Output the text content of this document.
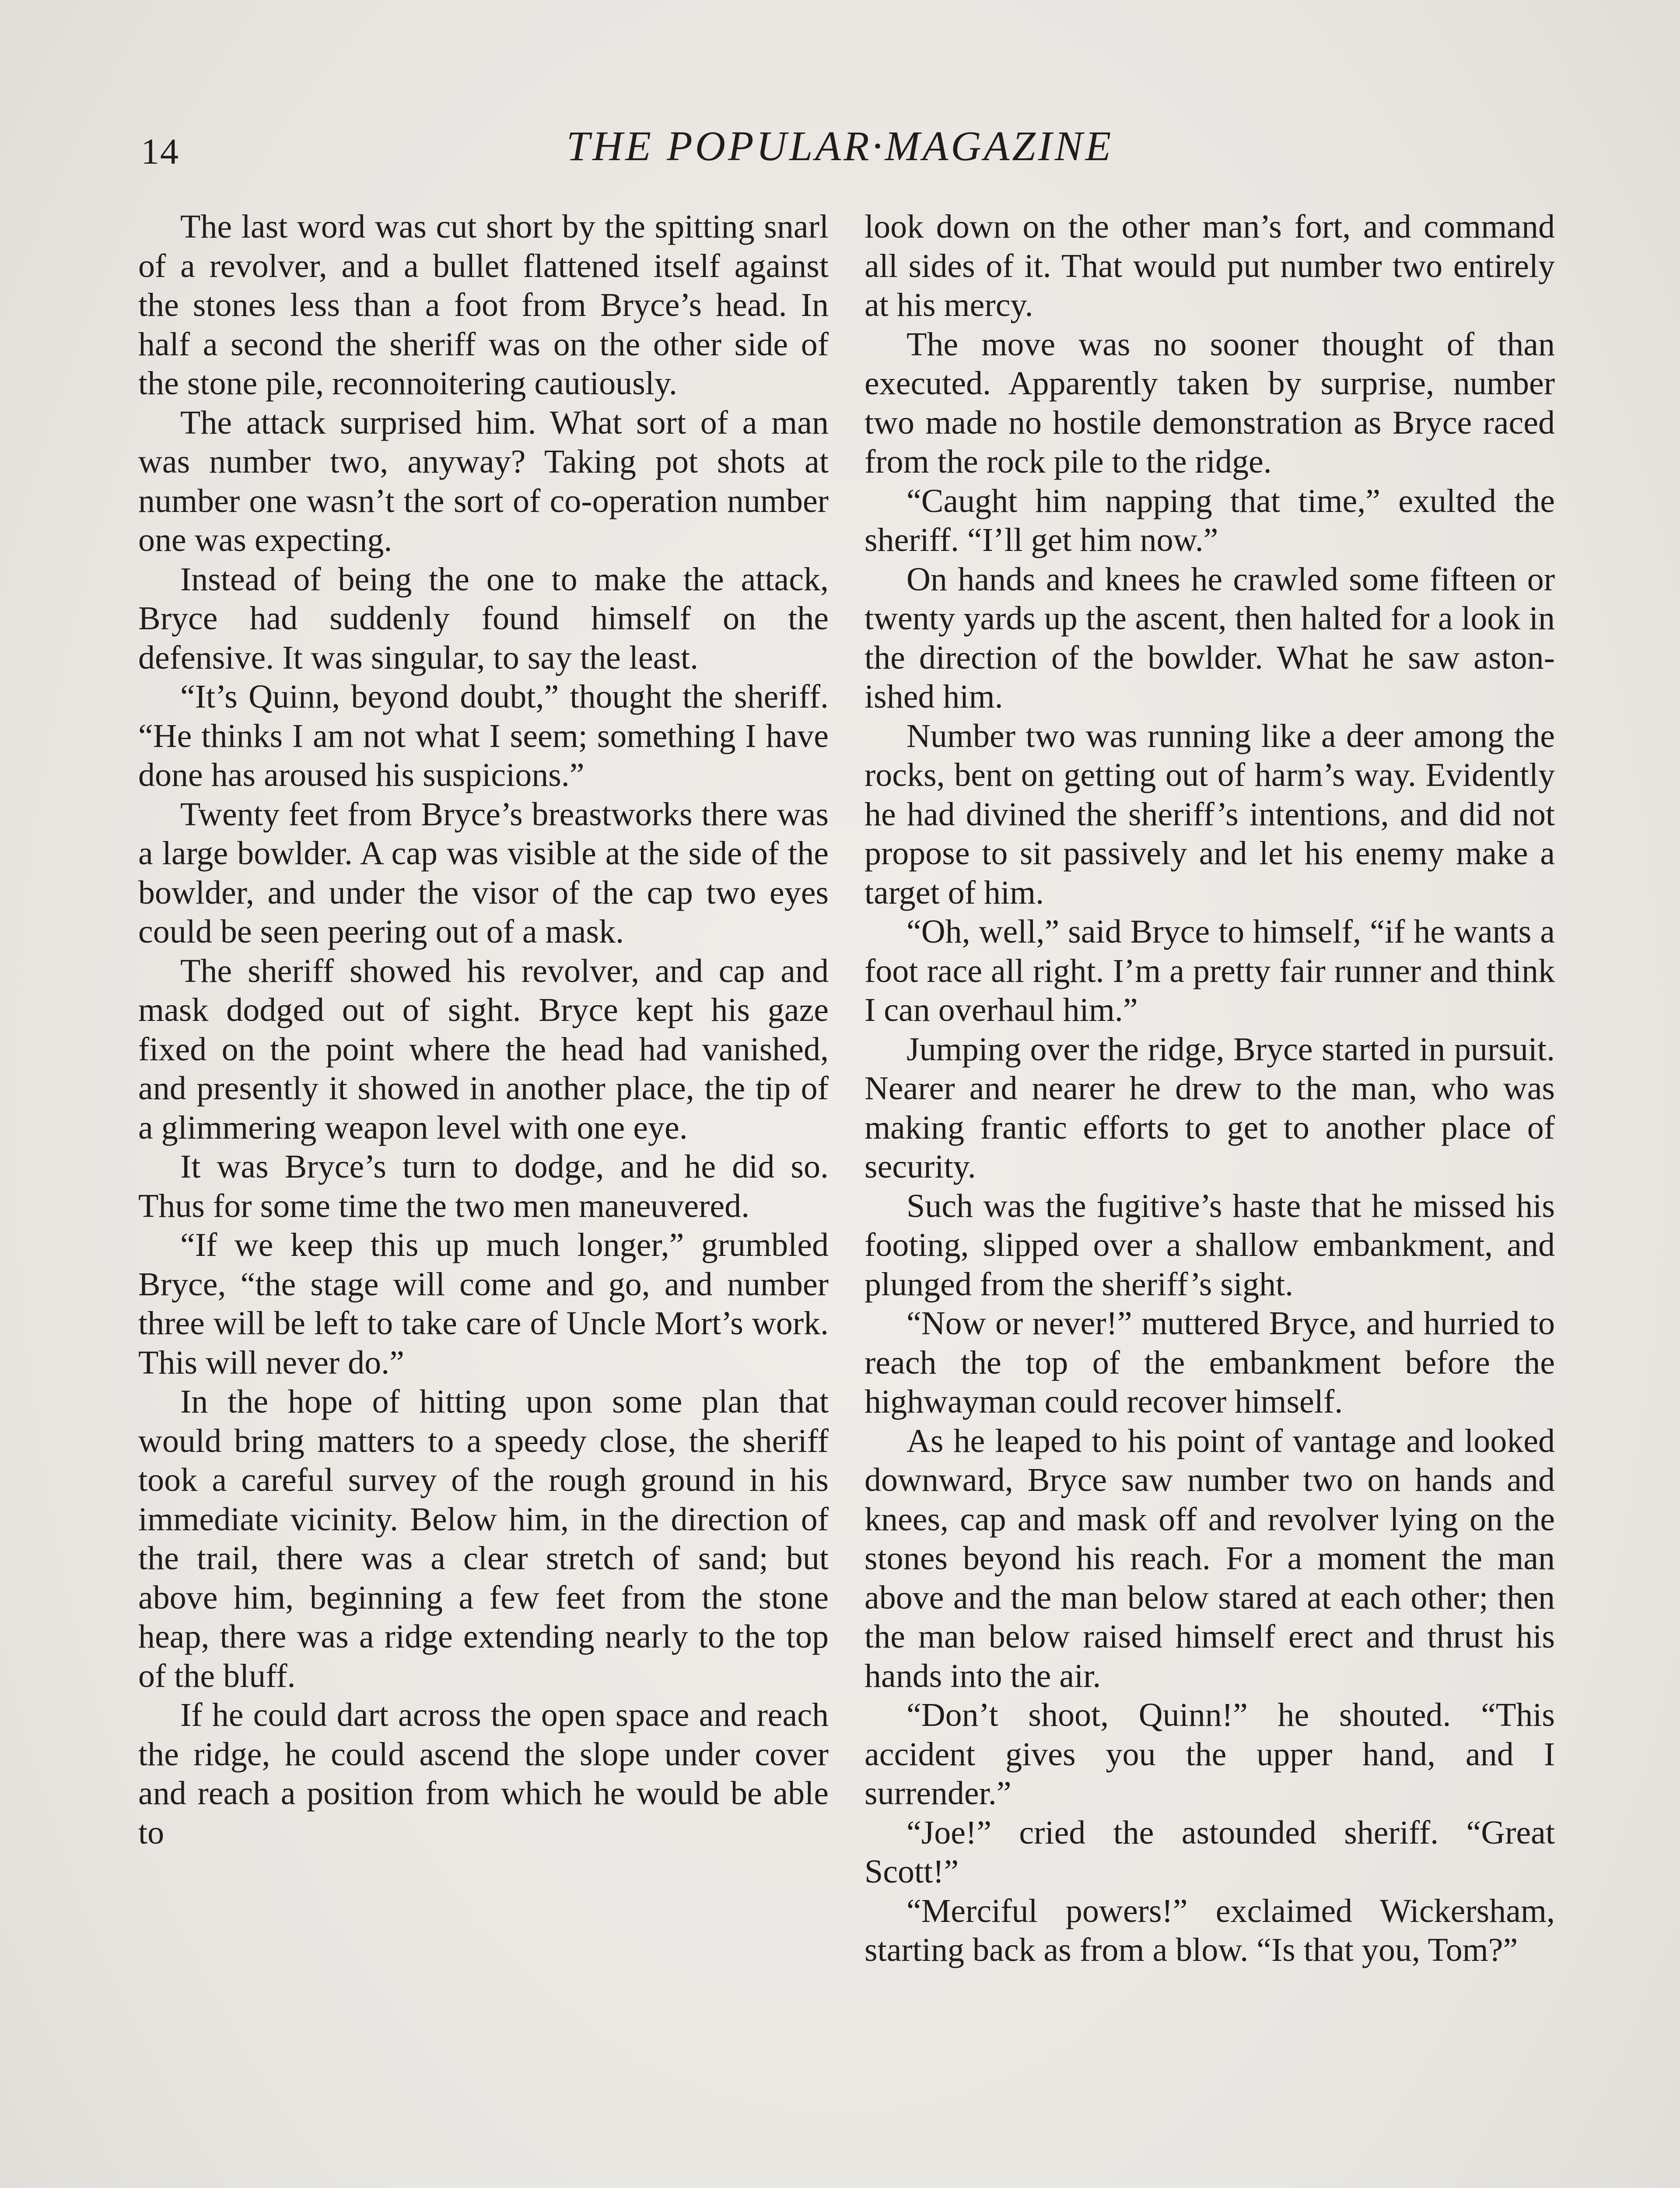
14	THE POPULAR·MAGAZINE

The last word was cut short by the spitting snarl of a revolver, and a bullet flattened itself against the stones less than a foot from Bryce’s head. In half a second the sheriff was on the other side of the stone pile, reconnoitering cautiously.

The attack surprised him. What sort of a man was number two, anyway? Taking pot shots at number one wasn’t the sort of co-operation number one was expecting.

Instead of being the one to make the attack, Bryce had suddenly found himself on the defensive. It was singular, to say the least.

“It’s Quinn, beyond doubt,” thought the sheriff. “He thinks I am not what I seem; something I have done has aroused his suspicions.”

Twenty feet from Bryce’s breastworks there was a large bowlder. A cap was visible at the side of the bowlder, and under the visor of the cap two eyes could be seen peering out of a mask.

The sheriff showed his revolver, and cap and mask dodged out of sight. Bryce kept his gaze fixed on the point where the head had vanished, and presently it showed in another place, the tip of a glimmering weapon level with one eye.

It was Bryce’s turn to dodge, and he did so. Thus for some time the two men maneuvered.

“If we keep this up much longer,” grumbled Bryce, “the stage will come and go, and number three will be left to take care of Uncle Mort’s work. This will never do.”

In the hope of hitting upon some plan that would bring matters to a speedy close, the sheriff took a careful survey of the rough ground in his immediate vicinity. Below him, in the direction of the trail, there was a clear stretch of sand; but above him, beginning a few feet from the stone heap, there was a ridge extending nearly to the top of the bluff.

If he could dart across the open space and reach the ridge, he could ascend the slope under cover and reach a position from which he would be able to

look down on the other man’s fort, and command all sides of it. That would put number two entirely at his mercy.

The move was no sooner thought of than executed. Apparently taken by surprise, number two made no hostile demonstration as Bryce raced from the rock pile to the ridge.

“Caught him napping that time,” exulted the sheriff. “I’ll get him now.”

On hands and knees he crawled some fifteen or twenty yards up the ascent, then halted for a look in the direction of the bowlder. What he saw astonished him.

Number two was running like a deer among the rocks, bent on getting out of harm’s way. Evidently he had divined the sheriff’s intentions, and did not propose to sit passively and let his enemy make a target of him.

“Oh, well,” said Bryce to himself, “if he wants a foot race all right. I’m a pretty fair runner and think I can overhaul him.”

Jumping over the ridge, Bryce started in pursuit. Nearer and nearer he drew to the man, who was making frantic efforts to get to another place of security.

Such was the fugitive’s haste that he missed his footing, slipped over a shallow embankment, and plunged from the sheriff’s sight.

“Now or never!” muttered Bryce, and hurried to reach the top of the embankment before the highwayman could recover himself.

As he leaped to his point of vantage and looked downward, Bryce saw number two on hands and knees, cap and mask off and revolver lying on the stones beyond his reach. For a moment the man above and the man below stared at each other; then the man below raised himself erect and thrust his hands into the air.

“Don’t shoot, Quinn!” he shouted. “This accident gives you the upper hand, and I surrender.”

“Joe!” cried the astounded sheriff. “Great Scott!”

“Merciful powers!” exclaimed Wickersham, starting back as from a blow. “Is that you, Tom?”
